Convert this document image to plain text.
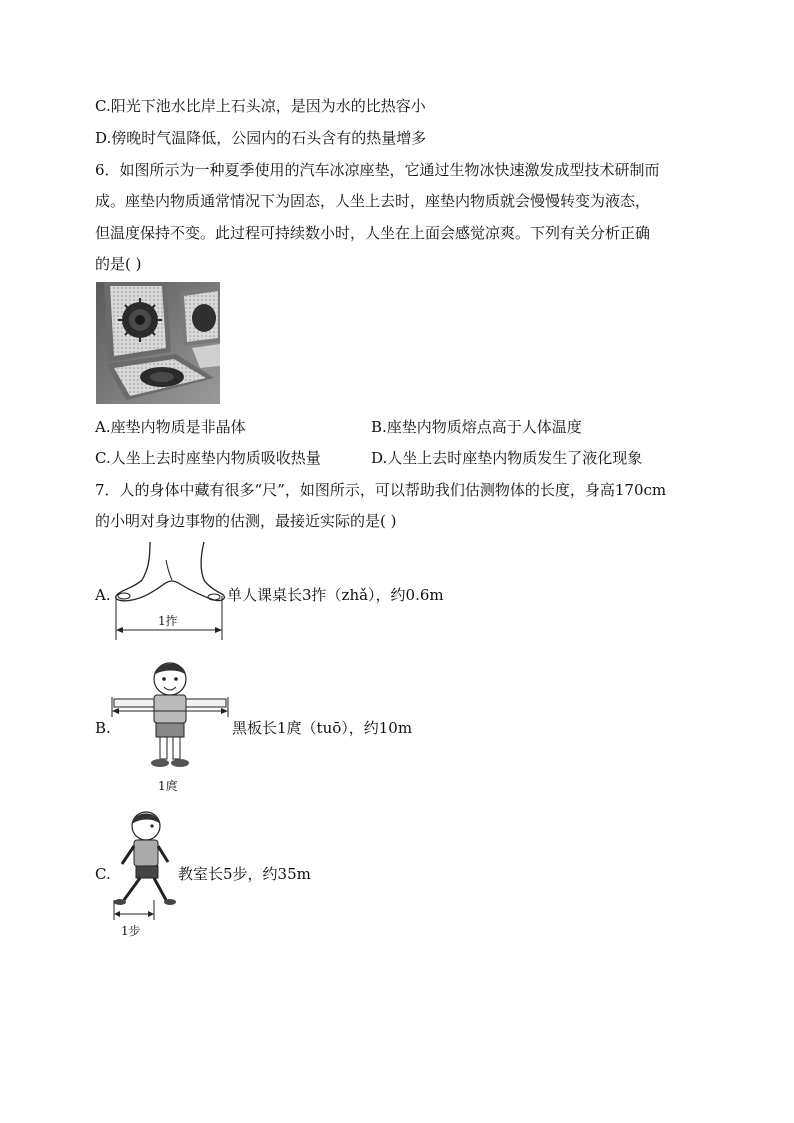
C.阳光下池水比岸上石头凉，是因为水的比热容小
D.傍晚时气温降低，公园内的石头含有的热量增多
6．如图所示为一种夏季使用的汽车冰凉座垫，它通过生物冰快速激发成型技术研制而
成。座垫内物质通常情况下为固态，人坐上去时，座垫内物质就会慢慢转变为液态，
但温度保持不变。此过程可持续数小时，人坐在上面会感觉凉爽。下列有关分析正确
的是( )
A.座垫内物质是非晶体	B.座垫内物质熔点高于人体温度
C.人坐上去时座垫内物质吸收热量	D.人坐上去时座垫内物质发生了液化现象
7．人的身体中藏有很多“尺”，如图所示，可以帮助我们估测物体的长度，身高170cm
的小明对身边事物的估测，最接近实际的是( )
A.
1拃
单人课桌长3拃（zhǎ），约0.6m
B.
1庹
黑板长1庹（tuō），约10m
C.
1步
教室长5步，约35m
